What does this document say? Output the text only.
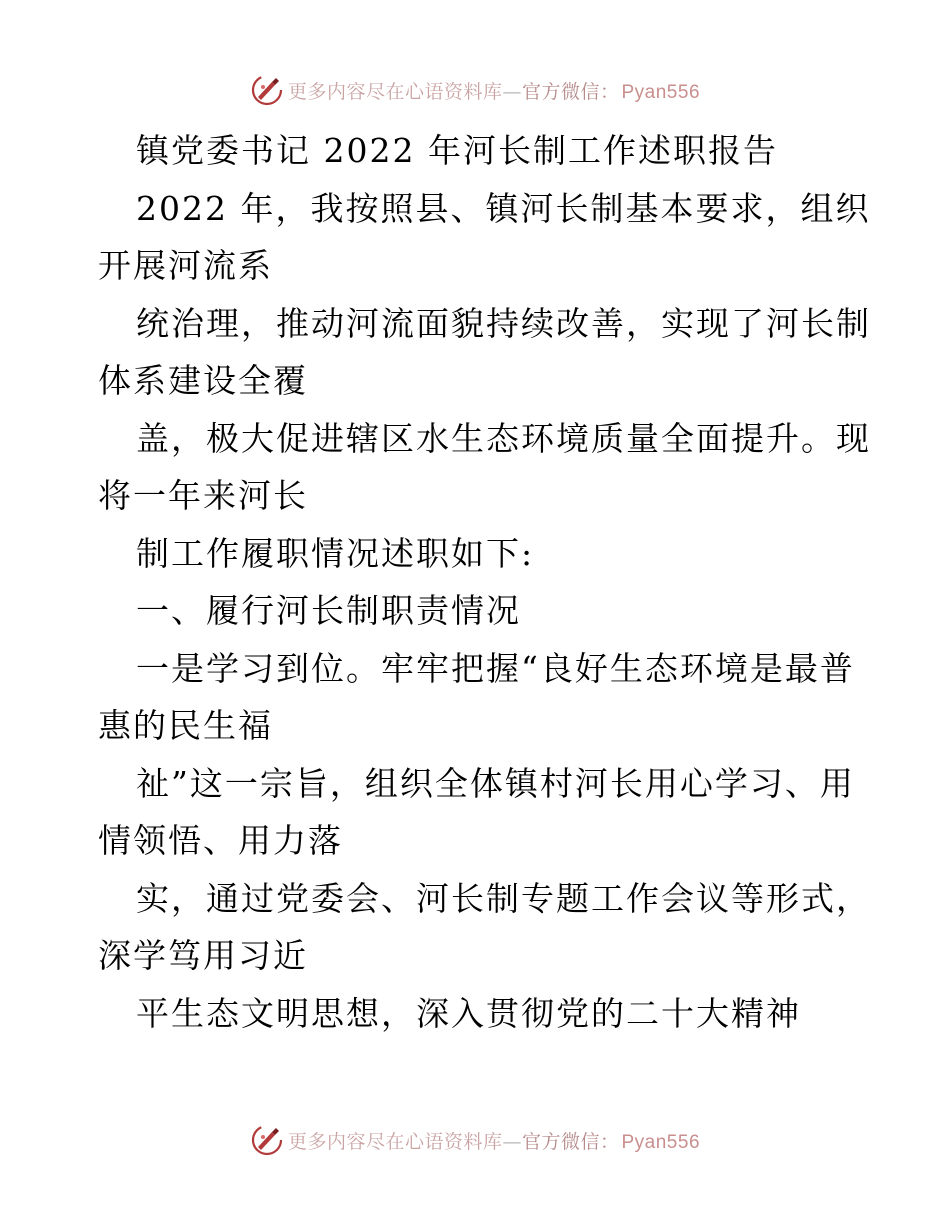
更多内容尽在心语资料库—官方微信： Pyan556
镇党委书记 2022 年河长制工作述职报告
2022 年，我按照县、镇河长制基本要求，组织
开展河流系
统治理，推动河流面貌持续改善，实现了河长制
体系建设全覆
盖，极大促进辖区水生态环境质量全面提升。现
将一年来河长
制工作履职情况述职如下:
一、履行河长制职责情况
一是学习到位。牢牢把握“良好生态环境是最普
惠的民生福
祉”这一宗旨，组织全体镇村河长用心学习、用
情领悟、用力落
实，通过党委会、河长制专题工作会议等形式，
深学笃用习近
平生态文明思想，深入贯彻党的二十大精神
更多内容尽在心语资料库—官方微信： Pyan556
